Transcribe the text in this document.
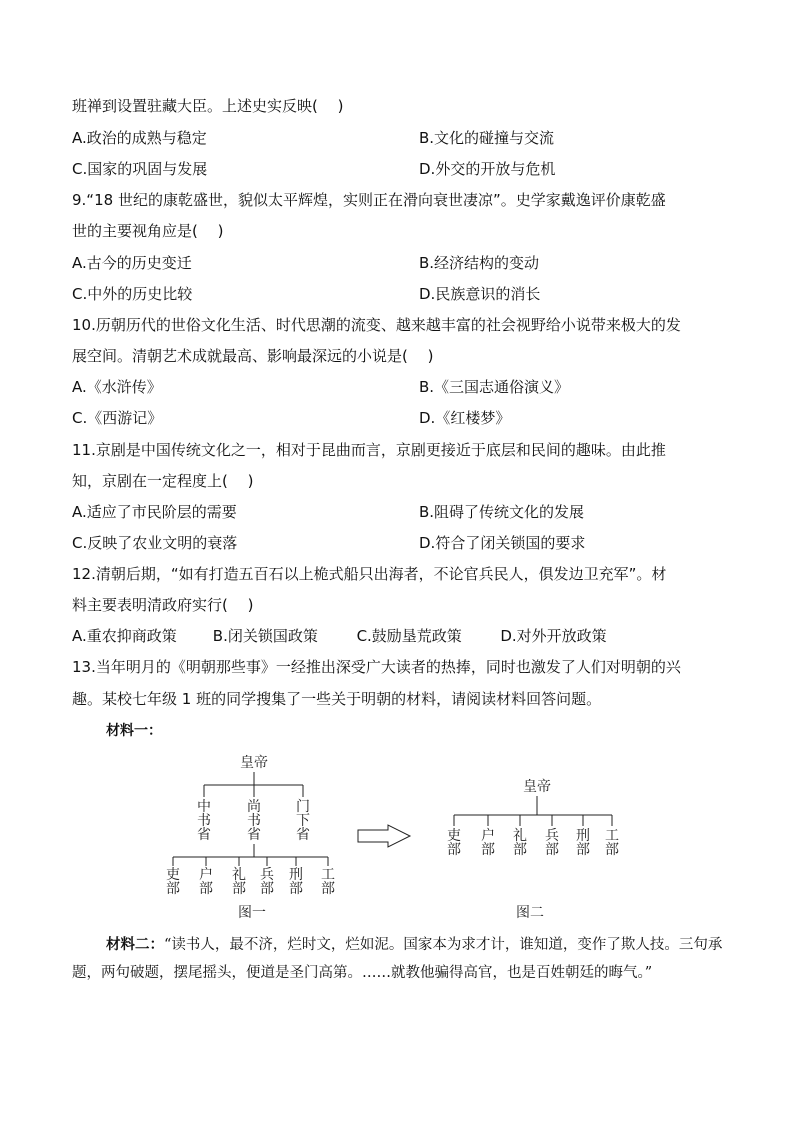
班禅到设置驻藏大臣。上述史实反映(　 )
A.政治的成熟与稳定	B.文化的碰撞与交流
C.国家的巩固与发展	D.外交的开放与危机
9.“18 世纪的康乾盛世，貌似太平辉煌，实则正在滑向衰世凄凉”。史学家戴逸评价康乾盛
世的主要视角应是(　 )
A.古今的历史变迁	B.经济结构的变动
C.中外的历史比较	D.民族意识的消长
10.历朝历代的世俗文化生活、时代思潮的流变、越来越丰富的社会视野给小说带来极大的发
展空间。清朝艺术成就最高、影响最深远的小说是(　 )
A.《水浒传》	B.《三国志通俗演义》
C.《西游记》	D.《红楼梦》
11.京剧是中国传统文化之一，相对于昆曲而言，京剧更接近于底层和民间的趣味。由此推
知，京剧在一定程度上(　 )
A.适应了市民阶层的需要	B.阻碍了传统文化的发展
C.反映了农业文明的衰落	D.符合了闭关锁国的要求
12.清朝后期，“如有打造五百石以上桅式船只出海者，不论官兵民人，俱发边卫充军”。材
料主要表明清政府实行(　 )
A.重农抑商政策 B.闭关锁国政策	C.鼓励垦荒政策	D.对外开放政策
13.当年明月的《明朝那些事》一经推出深受广大读者的热捧，同时也激发了人们对明朝的兴
趣。某校七年级 1 班的同学搜集了一些关于明朝的材料，请阅读材料回答问题。
材料一：
皇帝
中书省
尚书省
门下省
吏部
户部
礼部
兵部
刑部
工部
图一
皇帝
吏部
户部
礼部
兵部
刑部
工部
图二
材料二：“读书人，最不济，烂时文，烂如泥。国家本为求才计，谁知道，变作了欺人技。三句承题，两句破题，摆尾摇头，便道是圣门高第。……就教他骗得高官，也是百姓朝廷的晦气。”
